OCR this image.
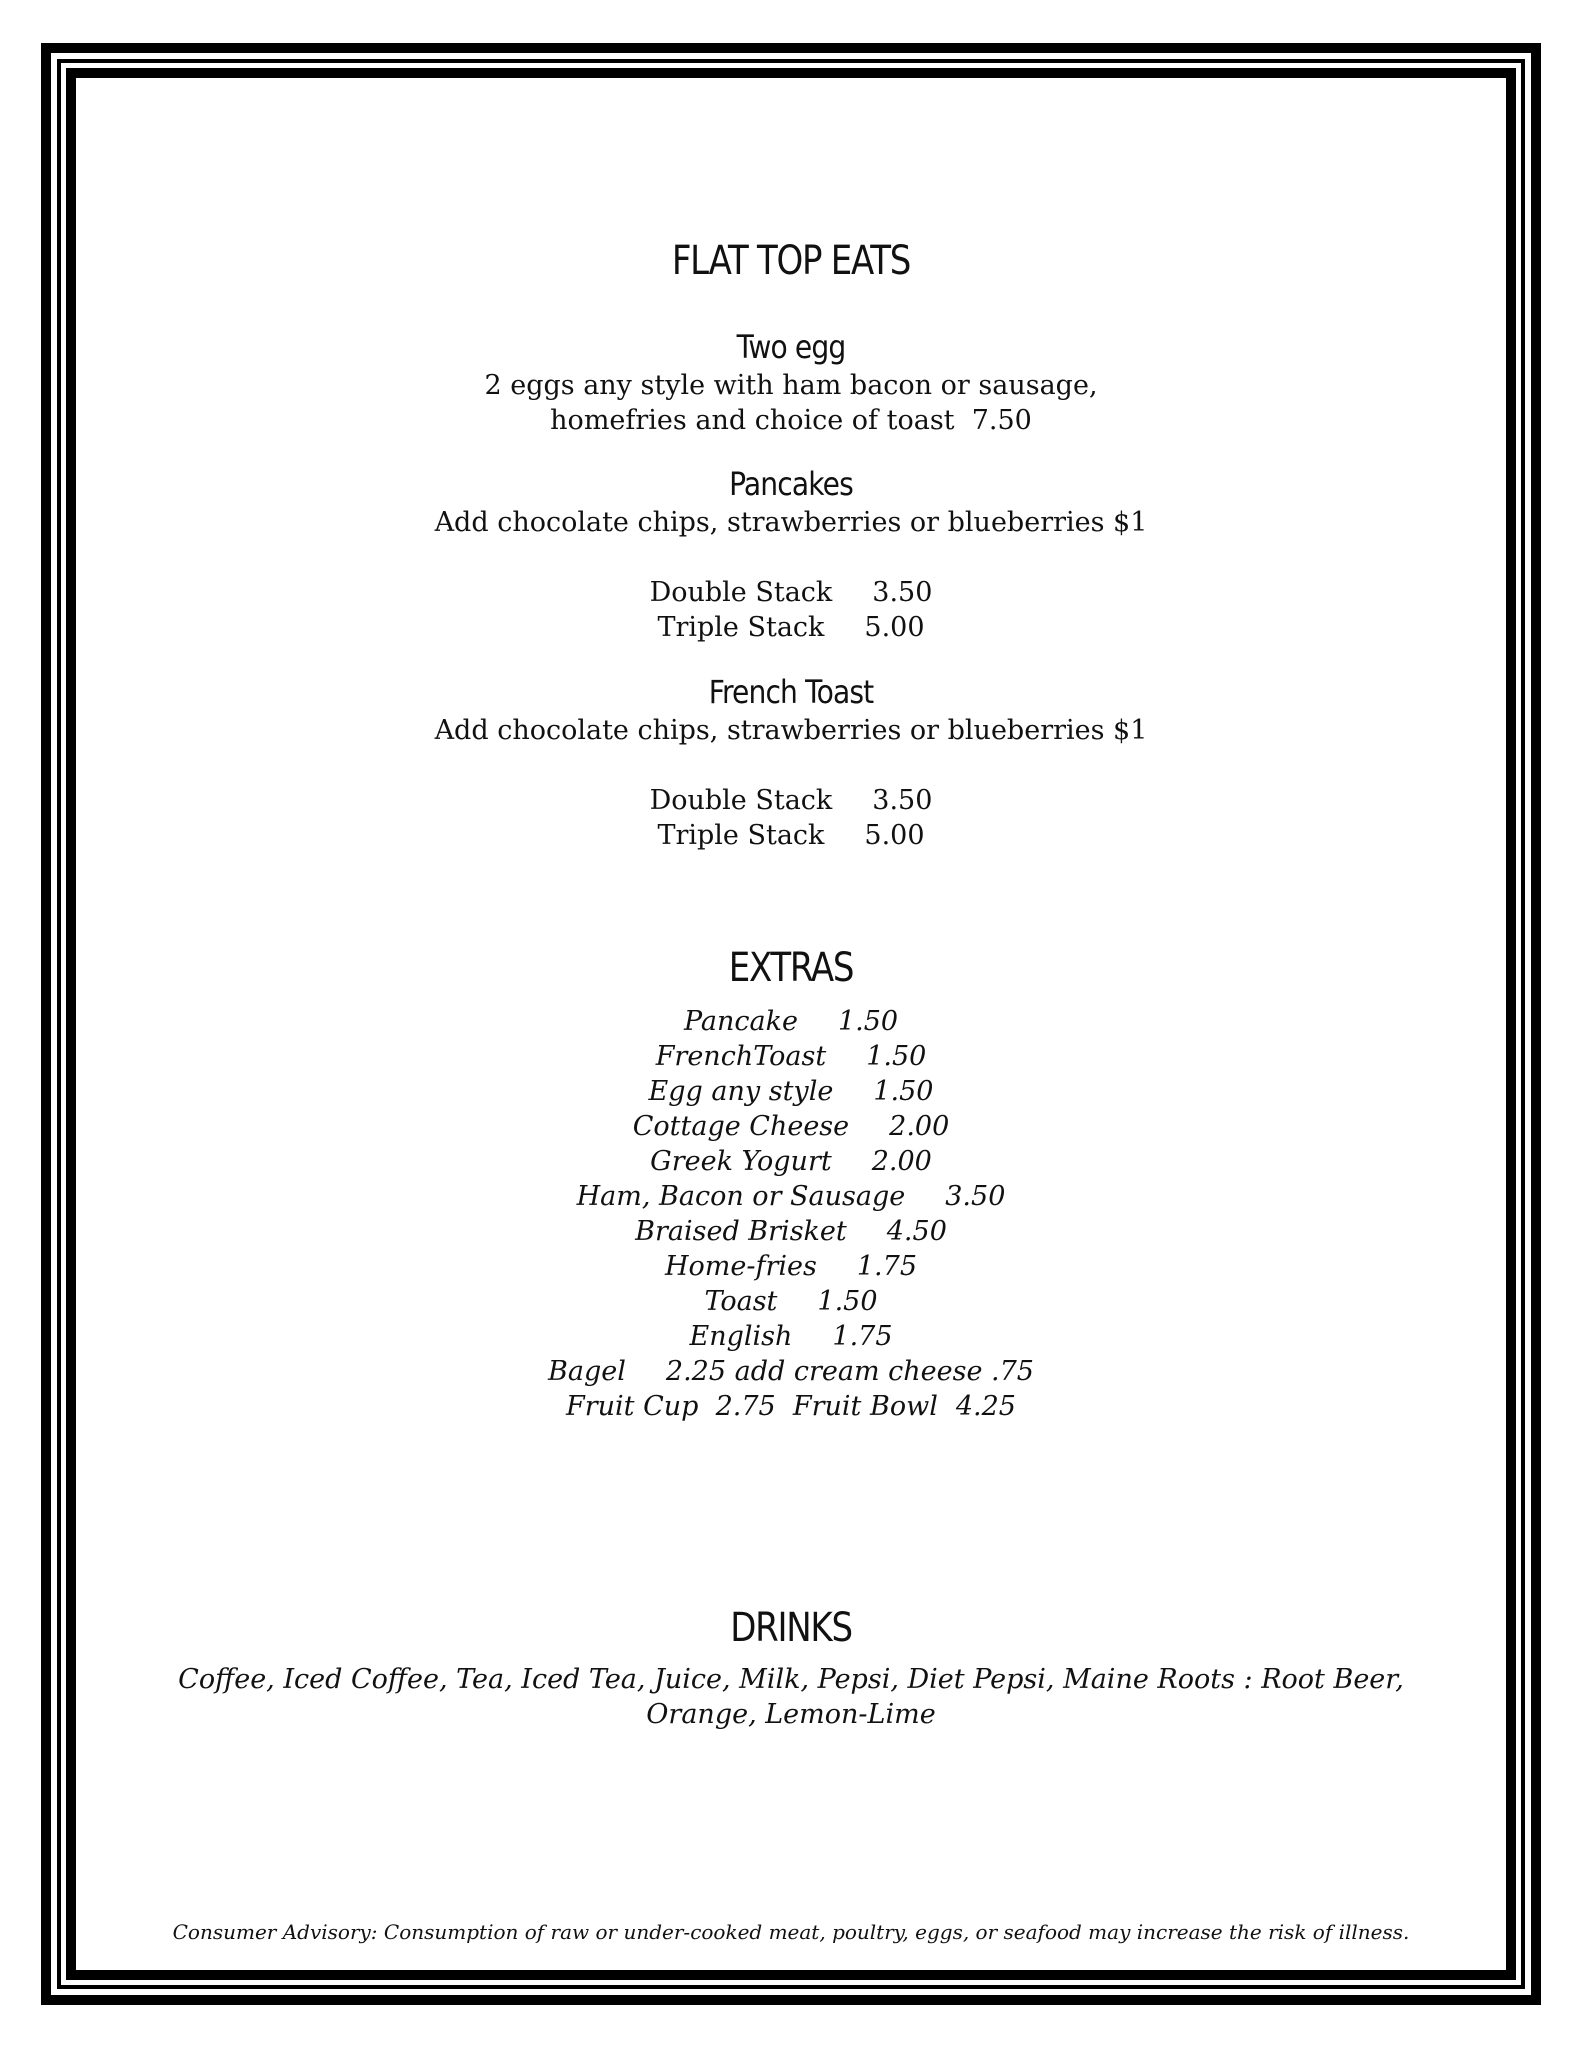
FLAT TOP EATS
Two egg
2 eggs any style with ham bacon or sausage,
homefries and choice of toast  7.50
Pancakes
Add chocolate chips, strawberries or blueberries $1
Double Stack 3.50
Triple Stack 5.00
French Toast
Add chocolate chips, strawberries or blueberries $1
Double Stack 3.50
Triple Stack 5.00
EXTRAS
Pancake 1.50
FrenchToast 1.50
Egg any style 1.50
Cottage Cheese 2.00
Greek Yogurt 2.00
Ham, Bacon or Sausage 3.50
Braised Brisket 4.50
Home-fries 1.75
Toast 1.50
English 1.75
Bagel 2.25 add cream cheese .75
Fruit Cup  2.75  Fruit Bowl 4.25
DRINKS
Coffee, Iced Coffee, Tea, Iced Tea, Juice, Milk, Pepsi, Diet Pepsi, Maine Roots : Root Beer,
Orange, Lemon-Lime
Consumer Advisory: Consumption of raw or under-cooked meat, poultry, eggs, or seafood may increase the risk of illness.
